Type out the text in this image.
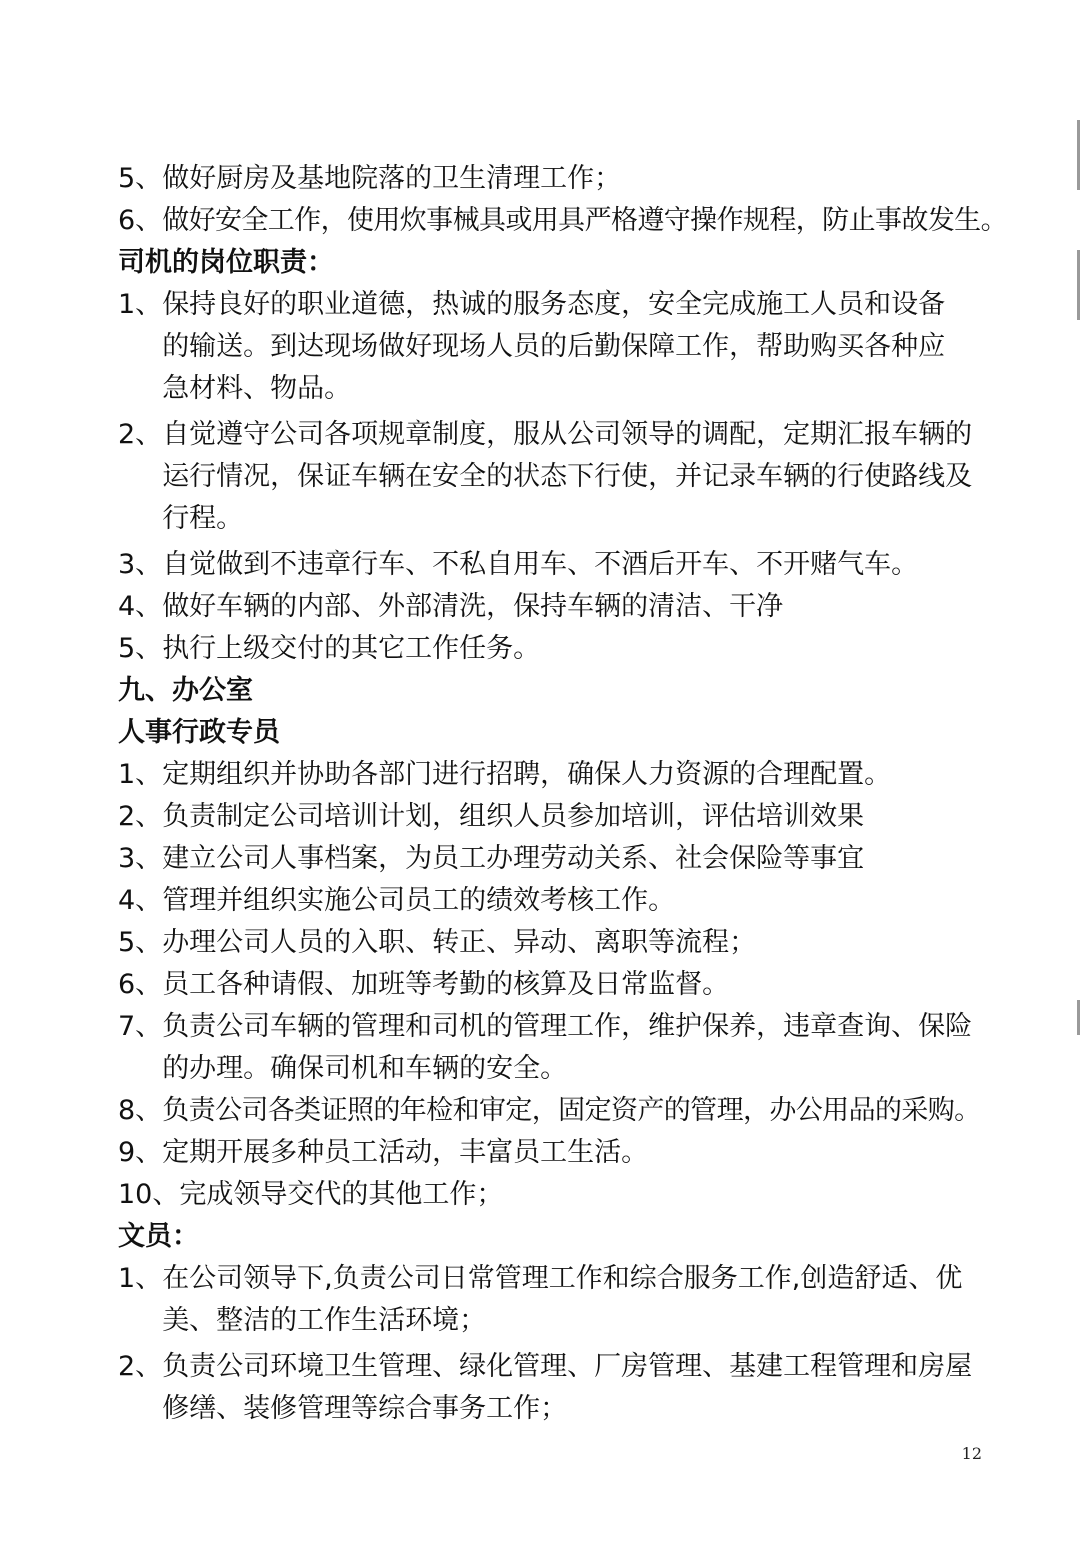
5、 做好厨房及基地院落的卫生清理工作；
6、 做好安全工作，使用炊事械具或用具严格遵守操作规程，防止事故发生。
司机的岗位职责：
1、 保持良好的职业道德，热诚的服务态度，安全完成施工人员和设备的输送。到达现场做好现场人员的后勤保障工作，帮助购买各种应急材料、物品。
2、 自觉遵守公司各项规章制度，服从公司领导的调配，定期汇报车辆的运行情况，保证车辆在安全的状态下行使，并记录车辆的行使路线及行程。
3、 自觉做到不违章行车、不私自用车、不酒后开车、不开赌气车。
4、 做好车辆的内部、外部清洗，保持车辆的清洁、干净
5、 执行上级交付的其它工作任务。
九、办公室
人事行政专员
1、 定期组织并协助各部门进行招聘，确保人力资源的合理配置。
2、 负责制定公司培训计划，组织人员参加培训，评估培训效果
3、 建立公司人事档案，为员工办理劳动关系、社会保险等事宜
4、 管理并组织实施公司员工的绩效考核工作。
5、 办理公司人员的入职、转正、异动、离职等流程；
6、 员工各种请假、加班等考勤的核算及日常监督。
7、 负责公司车辆的管理和司机的管理工作，维护保养，违章查询、保险的办理。确保司机和车辆的安全。
8、 负责公司各类证照的年检和审定，固定资产的管理，办公用品的采购。
9、 定期开展多种员工活动，丰富员工生活。
10、 完成领导交代的其他工作；
文员：
1、 在公司领导下,负责公司日常管理工作和综合服务工作,创造舒适、优美、整洁的工作生活环境；
2、 负责公司环境卫生管理、绿化管理、厂房管理、基建工程管理和房屋修缮、装修管理等综合事务工作；
12
